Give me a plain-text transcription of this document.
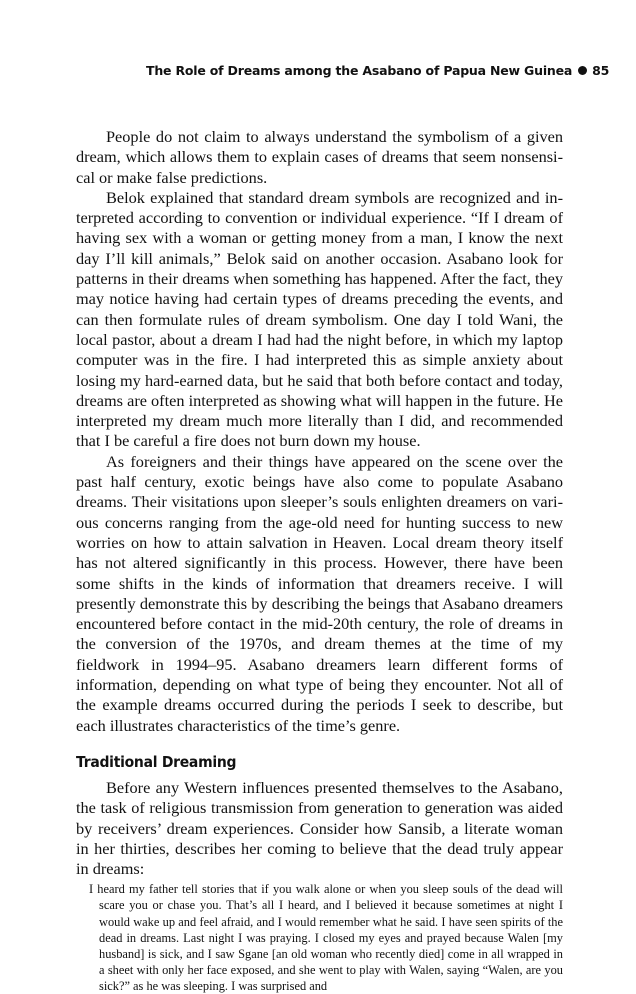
The Role of Dreams among the Asabano of Papua New Guinea 85

People do not claim to always understand the symbolism of a given dream, which allows them to explain cases of dreams that seem nonsensical or make false predictions.

Belok explained that standard dream symbols are recognized and interpreted according to convention or individual experience. “If I dream of having sex with a woman or getting money from a man, I know the next day I’ll kill animals,” Belok said on another occasion. Asabano look for patterns in their dreams when something has happened. After the fact, they may notice having had certain types of dreams preceding the events, and can then formulate rules of dream symbolism. One day I told Wani, the local pastor, about a dream I had had the night before, in which my laptop computer was in the fire. I had interpreted this as simple anxiety about losing my hard-earned data, but he said that both before contact and today, dreams are often interpreted as showing what will happen in the future. He interpreted my dream much more literally than I did, and recommended that I be careful a fire does not burn down my house.

As foreigners and their things have appeared on the scene over the past half century, exotic beings have also come to populate Asabano dreams. Their visitations upon sleeper’s souls enlighten dreamers on various concerns ranging from the age-old need for hunting success to new worries on how to attain salvation in Heaven. Local dream theory itself has not altered significantly in this process. However, there have been some shifts in the kinds of information that dreamers receive. I will presently demonstrate this by describing the beings that Asabano dreamers encountered before contact in the mid-20th century, the role of dreams in the conversion of the 1970s, and dream themes at the time of my fieldwork in 1994–95. Asabano dreamers learn different forms of information, depending on what type of being they encounter. Not all of the example dreams occurred during the periods I seek to describe, but each illustrates characteristics of the time’s genre.

Traditional Dreaming

Before any Western influences presented themselves to the Asabano, the task of religious transmission from generation to generation was aided by receivers’ dream experiences. Consider how Sansib, a literate woman in her thirties, describes her coming to believe that the dead truly appear in dreams:

I heard my father tell stories that if you walk alone or when you sleep souls of the dead will scare you or chase you. That’s all I heard, and I believed it because sometimes at night I would wake up and feel afraid, and I would remember what he said. I have seen spirits of the dead in dreams. Last night I was praying. I closed my eyes and prayed because Walen [my husband] is sick, and I saw Sgane [an old woman who recently died] come in all wrapped in a sheet with only her face exposed, and she went to play with Walen, saying “Walen, are you sick?” as he was sleeping. I was surprised and
